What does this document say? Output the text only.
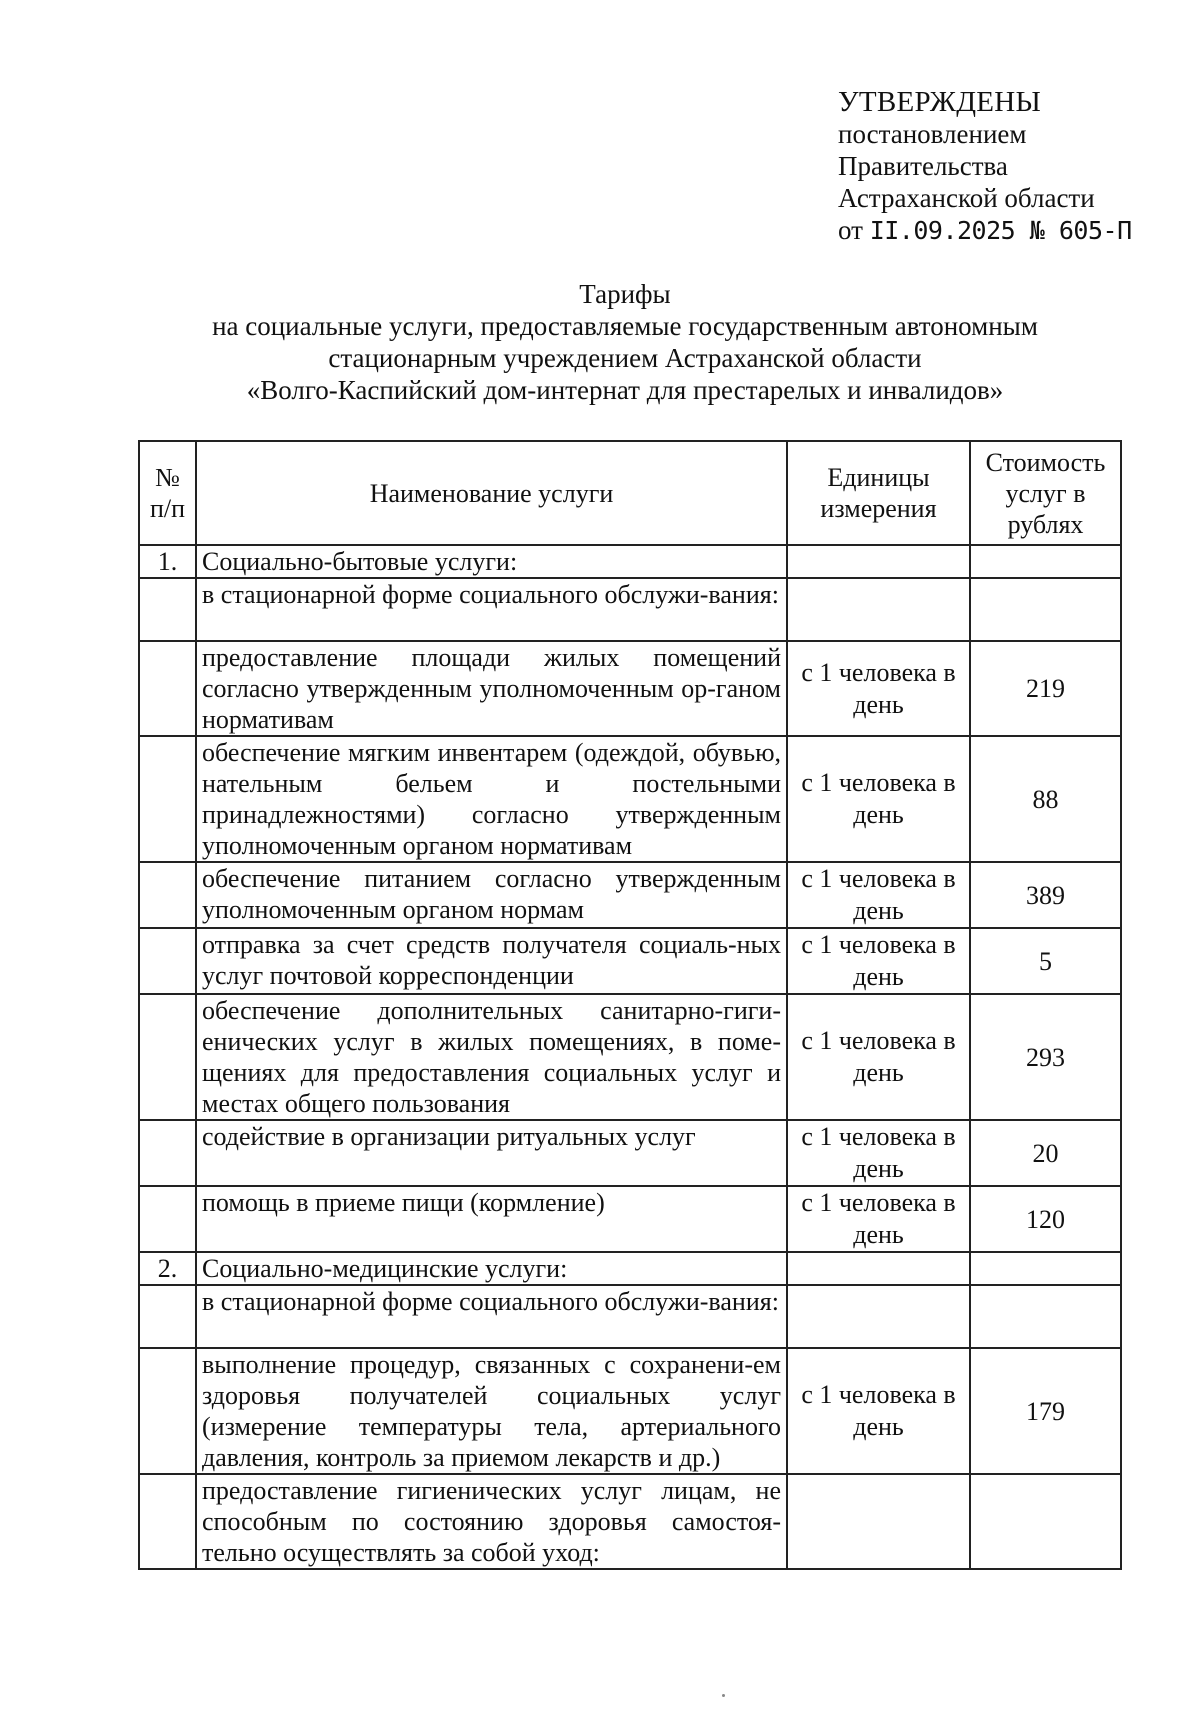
УТВЕРЖДЕНЫ
постановлением
Правительства
Астраханской области
от II.09.2025 № 605-П
Тарифы
на социальные услуги, предоставляемые государственным автономным
стационарным учреждением Астраханской области
«Волго-Каспийский дом-интернат для престарелых и инвалидов»
№ п/п	Наименование услуги	Единицы измерения	Стоимость услуг в рублях
1.	Социально-бытовые услуги:		
	в стационарной форме социального обслужи-вания:		
	предоставление площади жилых помещений согласно утвержденным уполномоченным ор-ганом нормативам	с 1 человека в день	219
	обеспечение мягким инвентарем (одеждой, обувью, нательным бельем и постельными принадлежностями) согласно утвержденным уполномоченным органом нормативам	с 1 человека в день	88
	обеспечение питанием согласно утвержденным уполномоченным органом нормам	с 1 человека в день	389
	отправка за счет средств получателя социаль-ных услуг почтовой корреспонденции	с 1 человека в день	5
	обеспечение дополнительных санитарно-гиги-енических услуг в жилых помещениях, в поме-щениях для предоставления социальных услуг и местах общего пользования	с 1 человека в день	293
	содействие в организации ритуальных услуг	с 1 человека в день	20
	помощь в приеме пищи (кормление)	с 1 человека в день	120
2.	Социально-медицинские услуги:		
	в стационарной форме социального обслужи-вания:		
	выполнение процедур, связанных с сохранени-ем здоровья получателей социальных услуг (измерение температуры тела, артериального давления, контроль за приемом лекарств и др.)	с 1 человека в день	179
	предоставление гигиенических услуг лицам, не способным по состоянию здоровья самостоя-тельно осуществлять за собой уход:		
